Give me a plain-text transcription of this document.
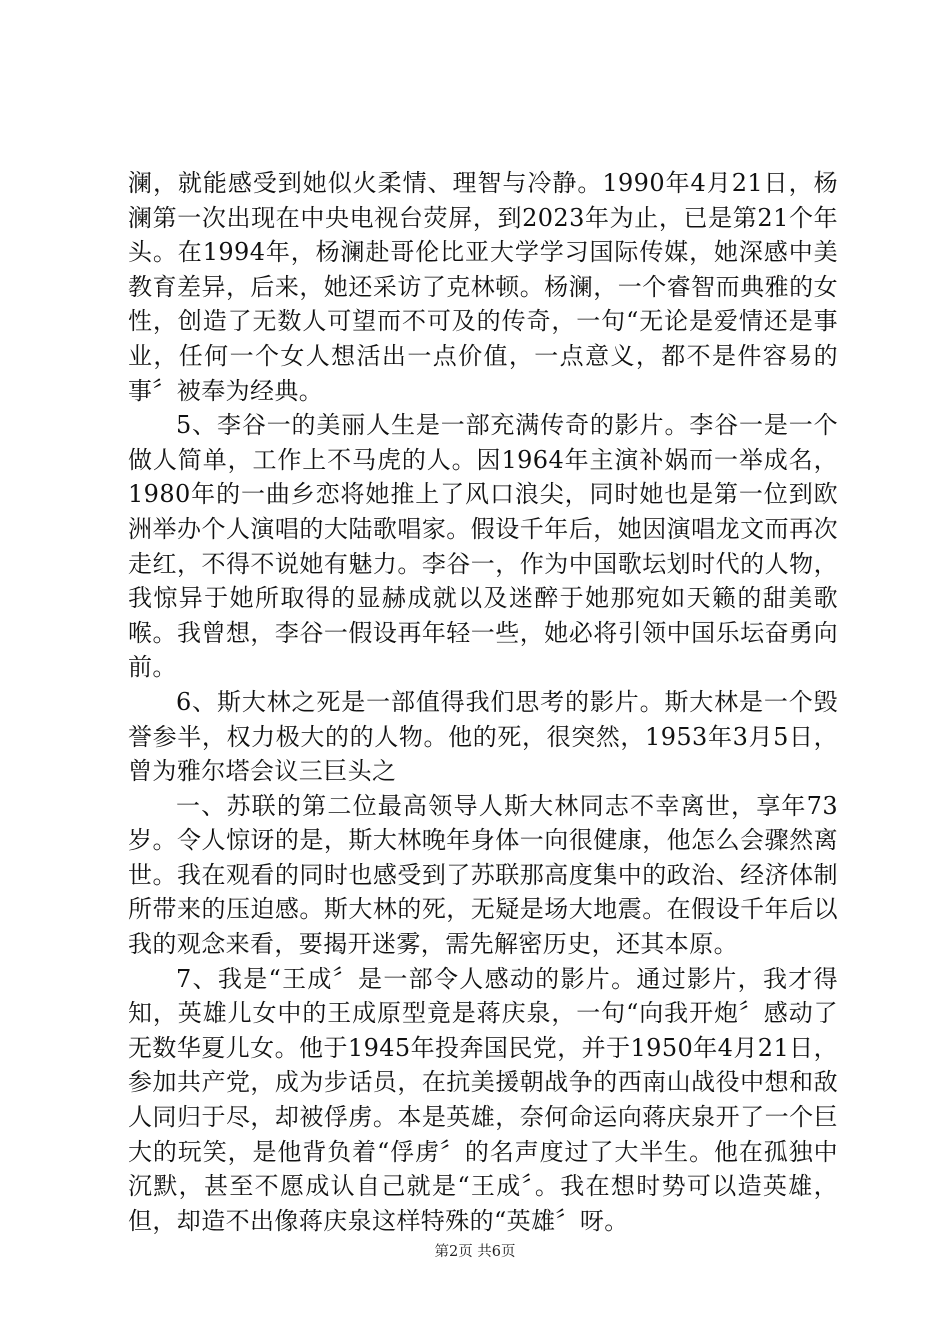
澜，就能感受到她似火柔情、理智与冷静。1990年4月21日，杨澜第一次出现在中央电视台荧屏，到2023年为止，已是第21个年头。在1994年，杨澜赴哥伦比亚大学学习国际传媒，她深感中美教育差异，后来，她还采访了克林顿。杨澜，一个睿智而典雅的女性，创造了无数人可望而不可及的传奇，一句“无论是爱情还是事业，任何一个女人想活出一点价值，一点意义，都不是件容易的事〞被奉为经典。

5、李谷一的美丽人生是一部充满传奇的影片。李谷一是一个做人简单，工作上不马虎的人。因1964年主演补娲而一举成名，1980年的一曲乡恋将她推上了风口浪尖，同时她也是第一位到欧洲举办个人演唱的大陆歌唱家。假设千年后，她因演唱龙文而再次走红，不得不说她有魅力。李谷一，作为中国歌坛划时代的人物，我惊异于她所取得的显赫成就以及迷醉于她那宛如天籁的甜美歌喉。我曾想，李谷一假设再年轻一些，她必将引领中国乐坛奋勇向前。

6、斯大林之死是一部值得我们思考的影片。斯大林是一个毁誉参半，权力极大的的人物。他的死，很突然，1953年3月5日，曾为雅尔塔会议三巨头之

一、苏联的第二位最高领导人斯大林同志不幸离世，享年73岁。令人惊讶的是，斯大林晚年身体一向很健康，他怎么会骤然离世。我在观看的同时也感受到了苏联那高度集中的政治、经济体制所带来的压迫感。斯大林的死，无疑是场大地震。在假设千年后以我的观念来看，要揭开迷雾，需先解密历史，还其本原。

7、我是“王成〞是一部令人感动的影片。通过影片，我才得知，英雄儿女中的王成原型竟是蒋庆泉，一句“向我开炮〞感动了无数华夏儿女。他于1945年投奔国民党，并于1950年4月21日，参加共产党，成为步话员，在抗美援朝战争的西南山战役中想和敌人同归于尽，却被俘虏。本是英雄，奈何命运向蒋庆泉开了一个巨大的玩笑，是他背负着“俘虏〞的名声度过了大半生。他在孤独中沉默，甚至不愿成认自己就是“王成〞。我在想时势可以造英雄，但，却造不出像蒋庆泉这样特殊的“英雄〞呀。

第2页 共6页
